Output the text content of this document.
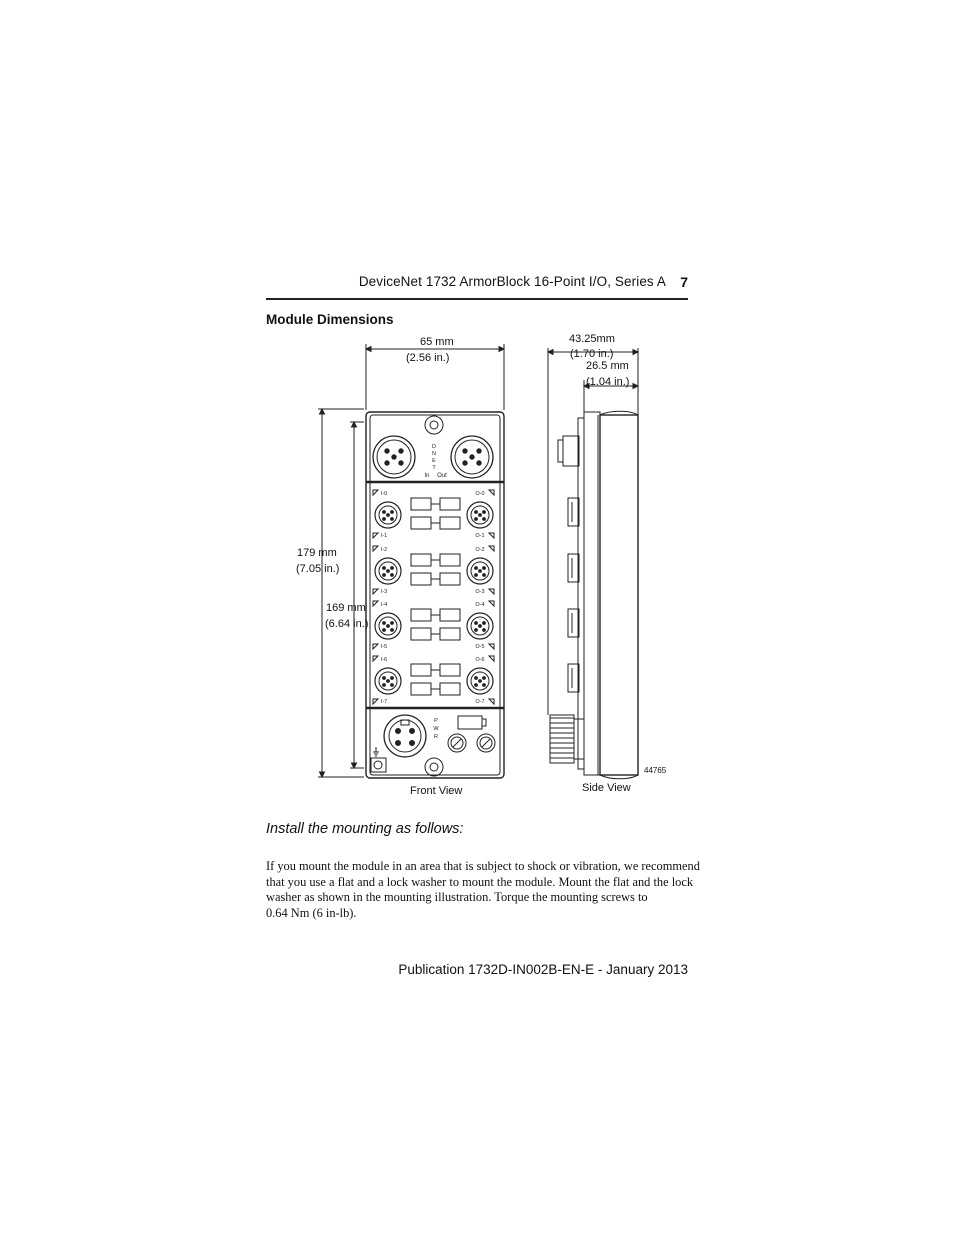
DeviceNet 1732 ArmorBlock 16-Point I/O, Series A 7
Module Dimensions
D
N
E
T
In Out
I-0
I-1
O-0
O-1
I-2
I-3
O-2
O-3
I-4
I-5
O-4
O-5
I-6
I-7
O-6
O-7
P
W
R
65 mm
(2.56 in.)
179 mm
(7.05 in.)
169 mm
(6.64 in.)
43.25mm
(1.70 in.)
26.5 mm
(1.04 in.)
Front View	Side View
44765
Install the mounting as follows:
If you mount the module in an area that is subject to shock or vibration, we recommend
that you use a flat and a lock washer to mount the module. Mount the flat and the lock
washer as shown in the mounting illustration. Torque the mounting screws to
0.64 Nm (6 in-lb).
Publication 1732D-IN002B-EN-E - January 2013
